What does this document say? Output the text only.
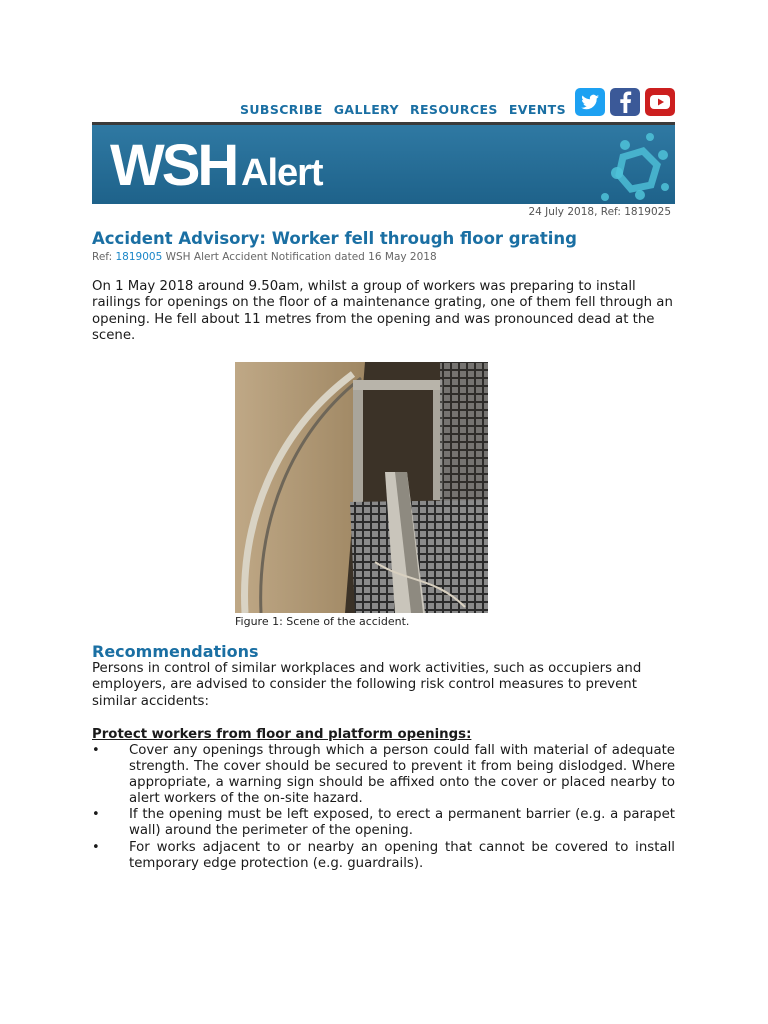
SUBSCRIBE GALLERY RESOURCES EVENTS
WSH Alert
24 July 2018, Ref: 1819025
Accident Advisory: Worker fell through floor grating
Ref: 1819005 WSH Alert Accident Notification dated 16 May 2018

On 1 May 2018 around 9.50am, whilst a group of workers was preparing to install railings for openings on the floor of a maintenance grating, one of them fell through an opening. He fell about 11 metres from the opening and was pronounced dead at the scene.

Figure 1: Scene of the accident.
Recommendations

Persons in control of similar workplaces and work activities, such as occupiers and employers, are advised to consider the following risk control measures to prevent similar accidents:

Protect workers from floor and platform openings:

• Cover any openings through which a person could fall with material of adequate strength. The cover should be secured to prevent it from being dislodged. Where appropriate, a warning sign should be affixed onto the cover or placed nearby to alert workers of the on-site hazard.
• If the opening must be left exposed, to erect a permanent barrier (e.g. a parapet wall) around the perimeter of the opening.
• For works adjacent to or nearby an opening that cannot be covered to install temporary edge protection (e.g. guardrails).
